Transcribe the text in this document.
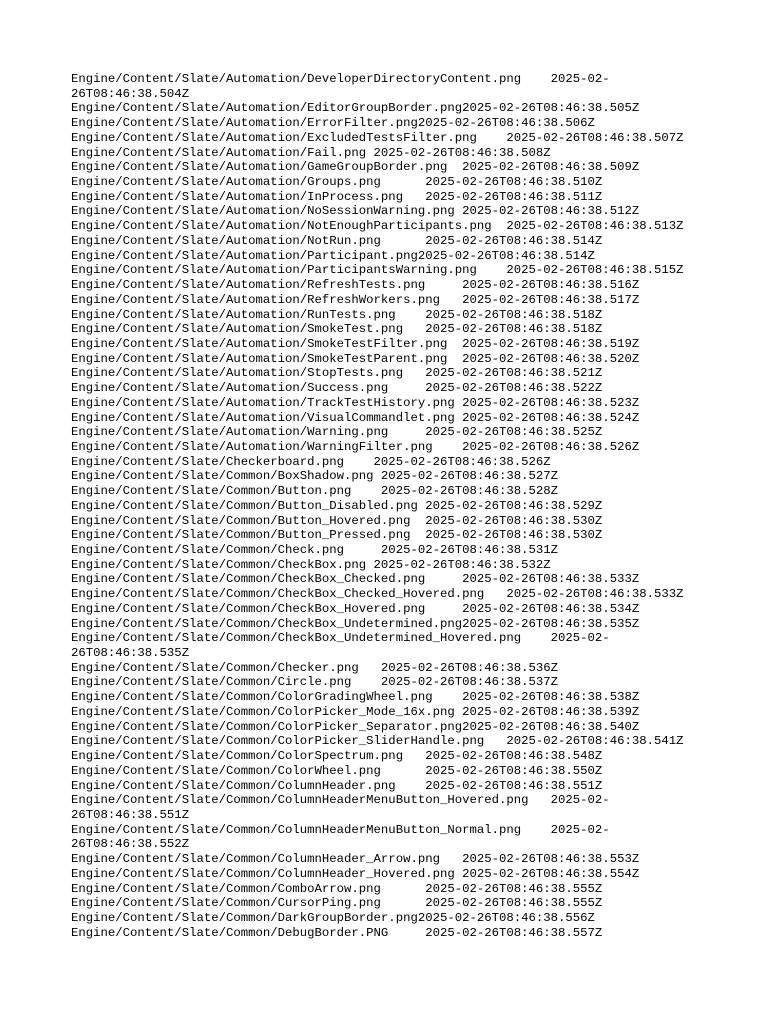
Engine/Content/Slate/Automation/DeveloperDirectoryContent.png    2025-02-
26T08:46:38.504Z
Engine/Content/Slate/Automation/EditorGroupBorder.png2025-02-26T08:46:38.505Z
Engine/Content/Slate/Automation/ErrorFilter.png2025-02-26T08:46:38.506Z
Engine/Content/Slate/Automation/ExcludedTestsFilter.png    2025-02-26T08:46:38.507Z
Engine/Content/Slate/Automation/Fail.png 2025-02-26T08:46:38.508Z
Engine/Content/Slate/Automation/GameGroupBorder.png  2025-02-26T08:46:38.509Z
Engine/Content/Slate/Automation/Groups.png      2025-02-26T08:46:38.510Z
Engine/Content/Slate/Automation/InProcess.png   2025-02-26T08:46:38.511Z
Engine/Content/Slate/Automation/NoSessionWarning.png 2025-02-26T08:46:38.512Z
Engine/Content/Slate/Automation/NotEnoughParticipants.png  2025-02-26T08:46:38.513Z
Engine/Content/Slate/Automation/NotRun.png      2025-02-26T08:46:38.514Z
Engine/Content/Slate/Automation/Participant.png2025-02-26T08:46:38.514Z
Engine/Content/Slate/Automation/ParticipantsWarning.png    2025-02-26T08:46:38.515Z
Engine/Content/Slate/Automation/RefreshTests.png     2025-02-26T08:46:38.516Z
Engine/Content/Slate/Automation/RefreshWorkers.png   2025-02-26T08:46:38.517Z
Engine/Content/Slate/Automation/RunTests.png    2025-02-26T08:46:38.518Z
Engine/Content/Slate/Automation/SmokeTest.png   2025-02-26T08:46:38.518Z
Engine/Content/Slate/Automation/SmokeTestFilter.png  2025-02-26T08:46:38.519Z
Engine/Content/Slate/Automation/SmokeTestParent.png  2025-02-26T08:46:38.520Z
Engine/Content/Slate/Automation/StopTests.png   2025-02-26T08:46:38.521Z
Engine/Content/Slate/Automation/Success.png     2025-02-26T08:46:38.522Z
Engine/Content/Slate/Automation/TrackTestHistory.png 2025-02-26T08:46:38.523Z
Engine/Content/Slate/Automation/VisualCommandlet.png 2025-02-26T08:46:38.524Z
Engine/Content/Slate/Automation/Warning.png     2025-02-26T08:46:38.525Z
Engine/Content/Slate/Automation/WarningFilter.png    2025-02-26T08:46:38.526Z
Engine/Content/Slate/Checkerboard.png    2025-02-26T08:46:38.526Z
Engine/Content/Slate/Common/BoxShadow.png 2025-02-26T08:46:38.527Z
Engine/Content/Slate/Common/Button.png    2025-02-26T08:46:38.528Z
Engine/Content/Slate/Common/Button_Disabled.png 2025-02-26T08:46:38.529Z
Engine/Content/Slate/Common/Button_Hovered.png  2025-02-26T08:46:38.530Z
Engine/Content/Slate/Common/Button_Pressed.png  2025-02-26T08:46:38.530Z
Engine/Content/Slate/Common/Check.png     2025-02-26T08:46:38.531Z
Engine/Content/Slate/Common/CheckBox.png 2025-02-26T08:46:38.532Z
Engine/Content/Slate/Common/CheckBox_Checked.png     2025-02-26T08:46:38.533Z
Engine/Content/Slate/Common/CheckBox_Checked_Hovered.png   2025-02-26T08:46:38.533Z
Engine/Content/Slate/Common/CheckBox_Hovered.png     2025-02-26T08:46:38.534Z
Engine/Content/Slate/Common/CheckBox_Undetermined.png2025-02-26T08:46:38.535Z
Engine/Content/Slate/Common/CheckBox_Undetermined_Hovered.png    2025-02-
26T08:46:38.535Z
Engine/Content/Slate/Common/Checker.png   2025-02-26T08:46:38.536Z
Engine/Content/Slate/Common/Circle.png    2025-02-26T08:46:38.537Z
Engine/Content/Slate/Common/ColorGradingWheel.png    2025-02-26T08:46:38.538Z
Engine/Content/Slate/Common/ColorPicker_Mode_16x.png 2025-02-26T08:46:38.539Z
Engine/Content/Slate/Common/ColorPicker_Separator.png2025-02-26T08:46:38.540Z
Engine/Content/Slate/Common/ColorPicker_SliderHandle.png   2025-02-26T08:46:38.541Z
Engine/Content/Slate/Common/ColorSpectrum.png   2025-02-26T08:46:38.548Z
Engine/Content/Slate/Common/ColorWheel.png      2025-02-26T08:46:38.550Z
Engine/Content/Slate/Common/ColumnHeader.png    2025-02-26T08:46:38.551Z
Engine/Content/Slate/Common/ColumnHeaderMenuButton_Hovered.png   2025-02-
26T08:46:38.551Z
Engine/Content/Slate/Common/ColumnHeaderMenuButton_Normal.png    2025-02-
26T08:46:38.552Z
Engine/Content/Slate/Common/ColumnHeader_Arrow.png   2025-02-26T08:46:38.553Z
Engine/Content/Slate/Common/ColumnHeader_Hovered.png 2025-02-26T08:46:38.554Z
Engine/Content/Slate/Common/ComboArrow.png      2025-02-26T08:46:38.555Z
Engine/Content/Slate/Common/CursorPing.png      2025-02-26T08:46:38.555Z
Engine/Content/Slate/Common/DarkGroupBorder.png2025-02-26T08:46:38.556Z
Engine/Content/Slate/Common/DebugBorder.PNG     2025-02-26T08:46:38.557Z
